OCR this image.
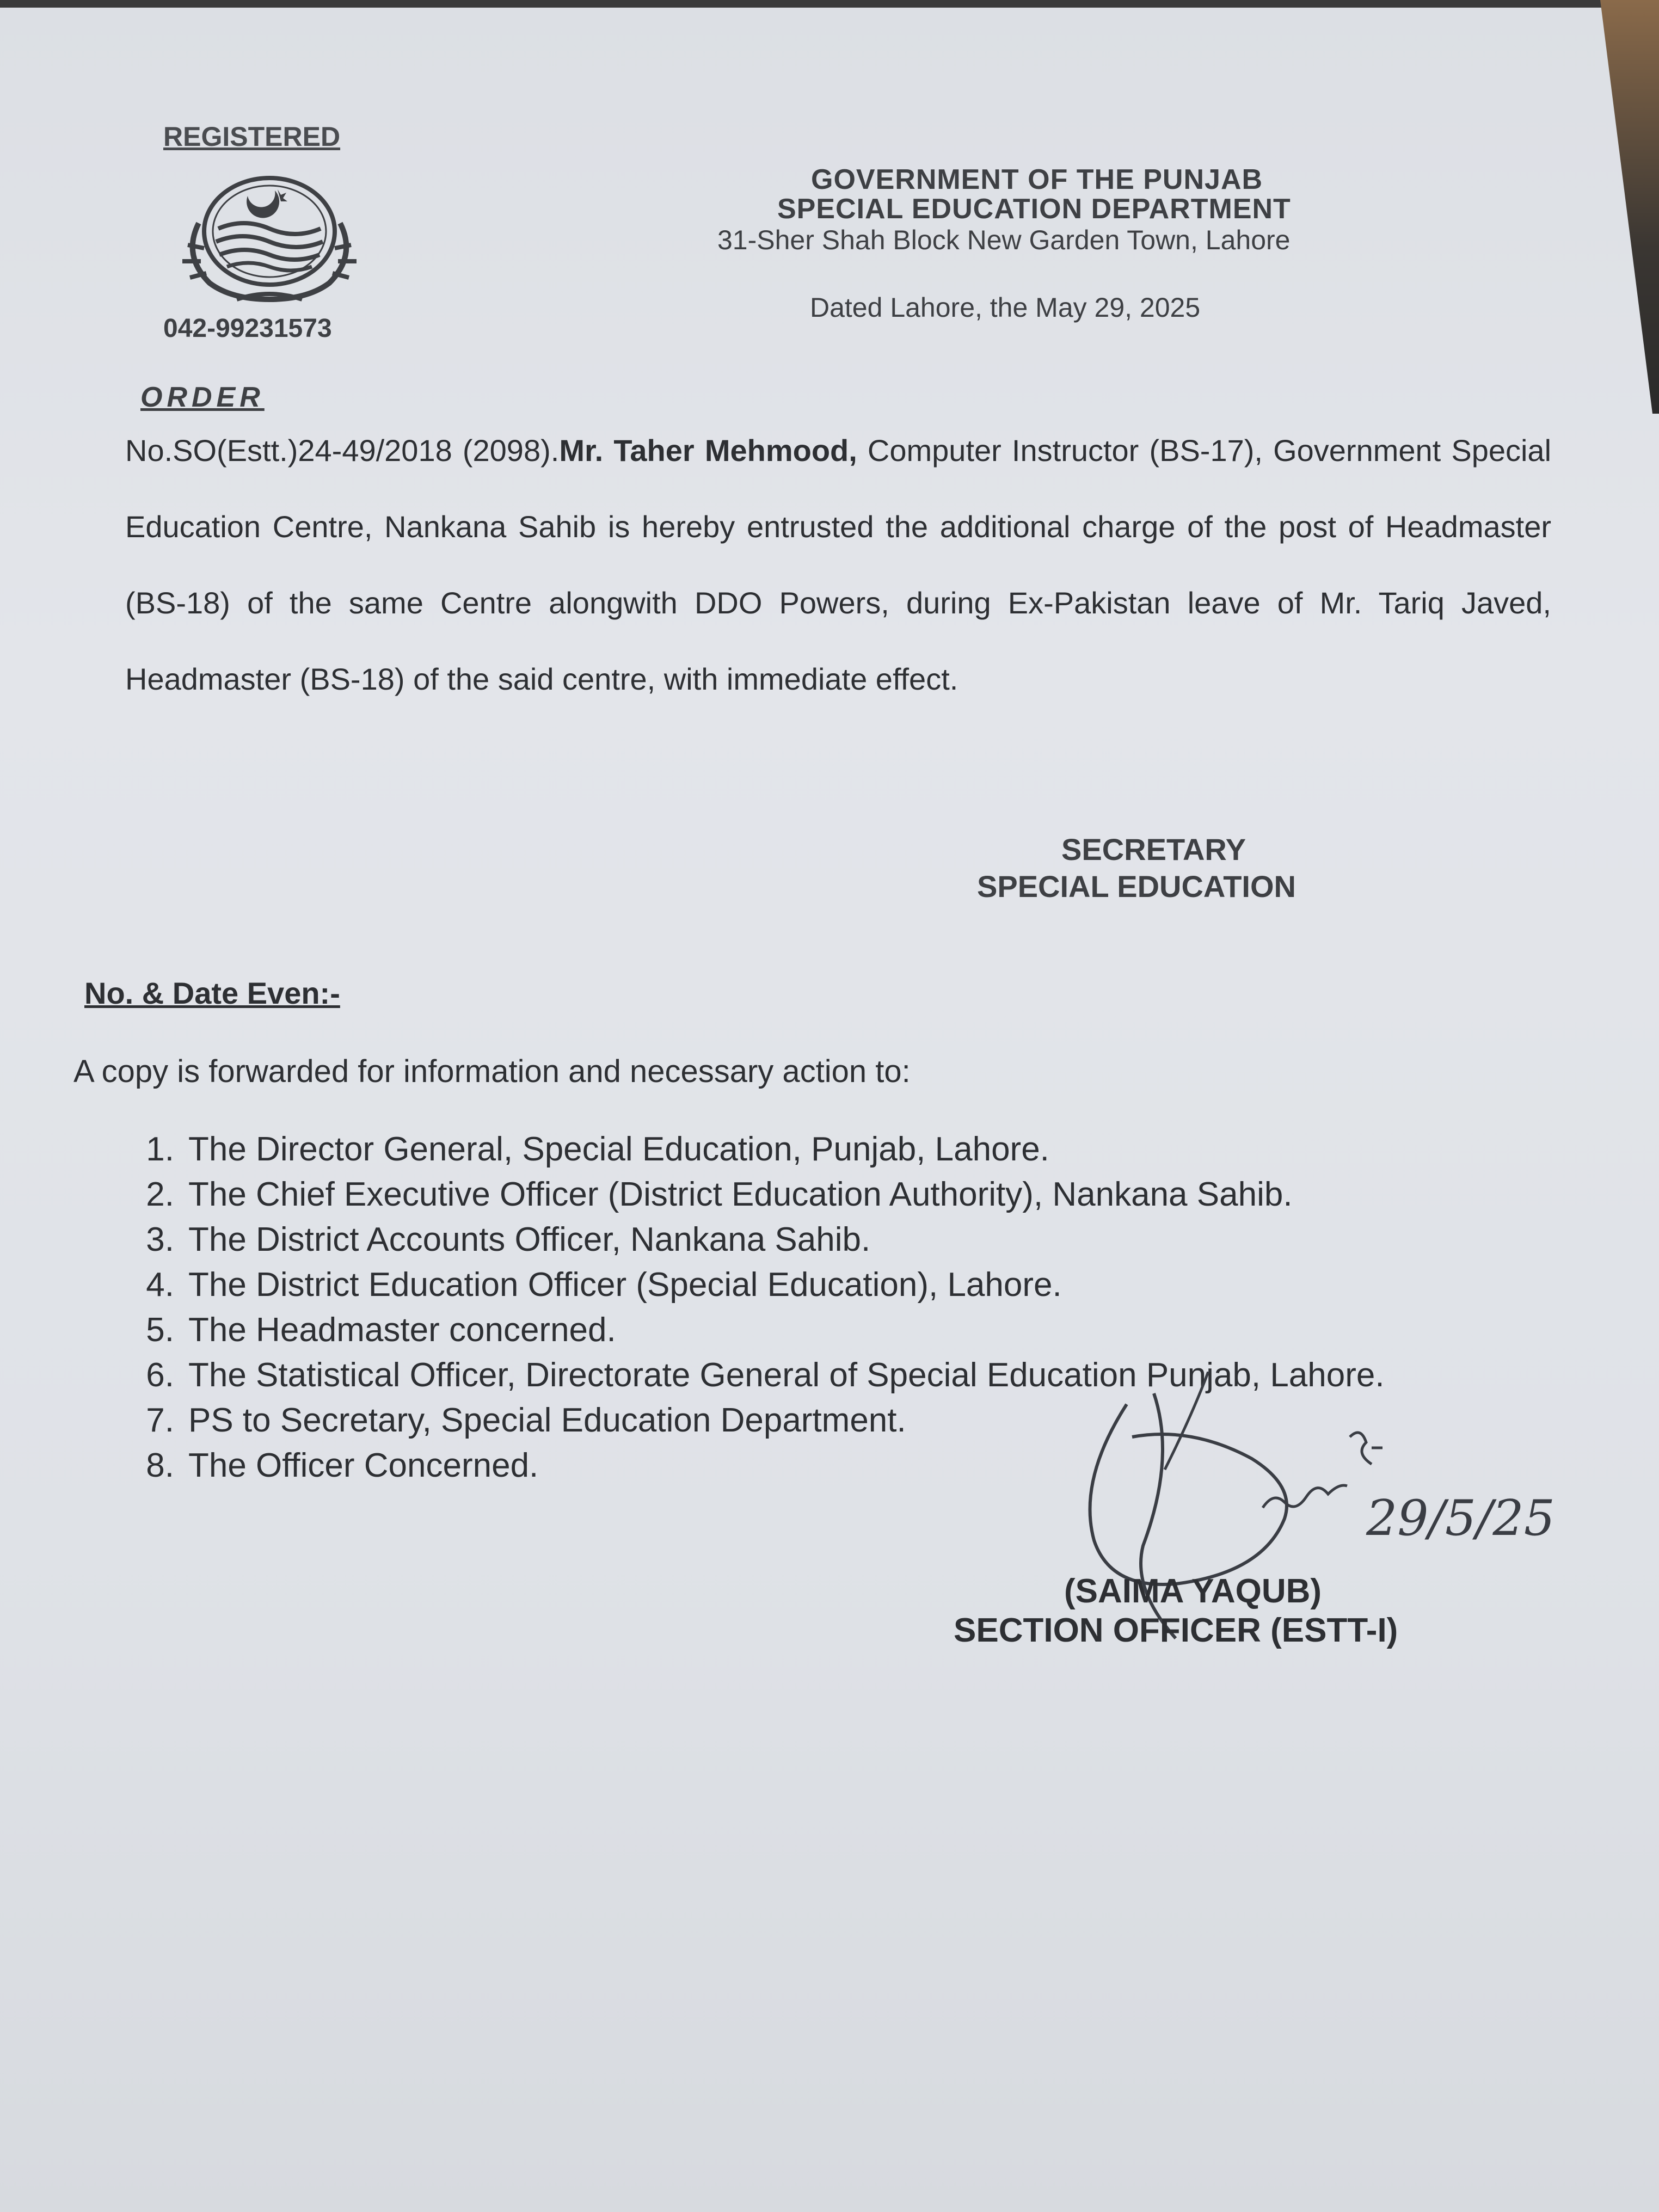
REGISTERED
042-99231573
GOVERNMENT OF THE PUNJAB
SPECIAL EDUCATION DEPARTMENT
31-Sher Shah Block New Garden Town, Lahore
Dated Lahore, the May 29, 2025
ORDER
No.SO(Estt.)24-49/2018 (2098).Mr. Taher Mehmood, Computer Instructor (BS-17), Government Special Education Centre, Nankana Sahib is hereby entrusted the additional charge of the post of Headmaster (BS-18) of the same Centre alongwith DDO Powers, during Ex-Pakistan leave of Mr. Tariq Javed, Headmaster (BS-18) of the said centre, with immediate effect.
SECRETARY
SPECIAL EDUCATION
No. & Date Even:-
A copy is forwarded for information and necessary action to:
1. The Director General, Special Education, Punjab, Lahore.
2. The Chief Executive Officer (District Education Authority), Nankana Sahib.
3. The District Accounts Officer, Nankana Sahib.
4. The District Education Officer (Special Education), Lahore.
5. The Headmaster concerned.
6. The Statistical Officer, Directorate General of Special Education Punjab, Lahore.
7. PS to Secretary, Special Education Department.
8. The Officer Concerned.
29/5/25
(SAIMA YAQUB)
SECTION OFFICER (ESTT-I)
